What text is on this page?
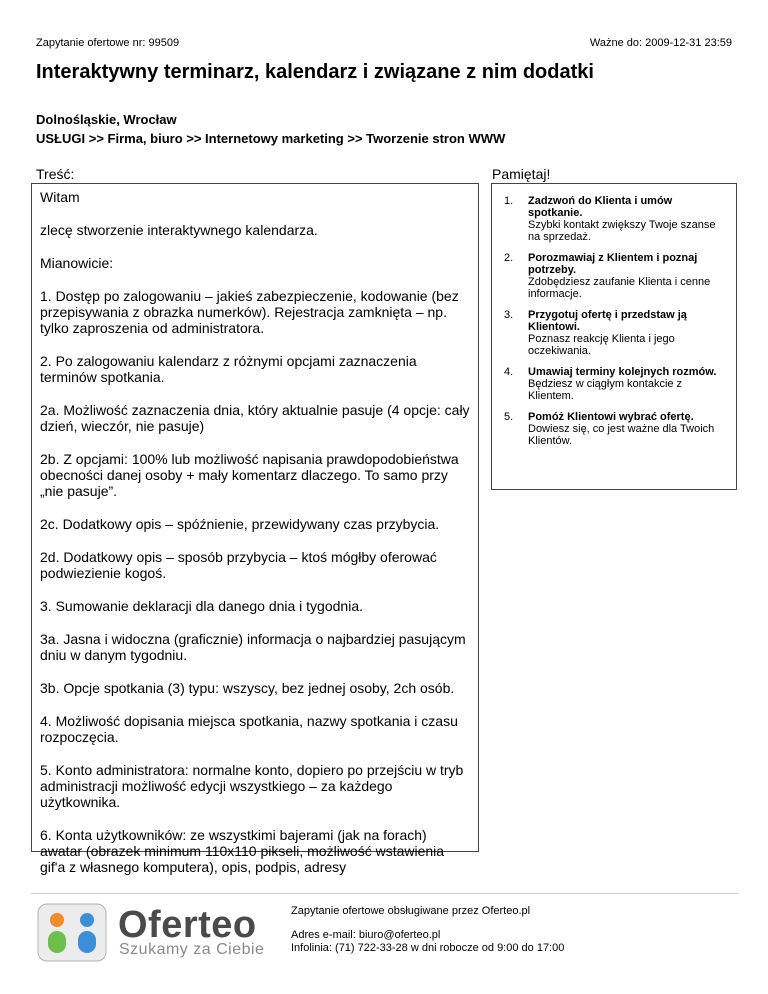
Zapytanie ofertowe nr: 99509	Ważne do: 2009-12-31 23:59
Interaktywny terminarz, kalendarz i związane z nim dodatki
Dolnośląskie, Wrocław
USŁUGI >> Firma, biuro >> Internetowy marketing >> Tworzenie stron WWW
Treść:	Pamiętaj!

Witam

zlecę stworzenie interaktywnego kalendarza.

Mianowicie:

1. Dostęp po zalogowaniu – jakieś zabezpieczenie, kodowanie (bez przepisywania z obrazka numerków). Rejestracja zamknięta – np. tylko zaproszenia od administratora.

2. Po zalogowaniu kalendarz z różnymi opcjami zaznaczenia terminów spotkania.

2a. Możliwość zaznaczenia dnia, który aktualnie pasuje (4 opcje: cały dzień, wieczór, nie pasuje)

2b. Z opcjami: 100% lub możliwość napisania prawdopodobieństwa obecności danej osoby + mały komentarz dlaczego. To samo przy „nie pasuje”.

2c. Dodatkowy opis – spóźnienie, przewidywany czas przybycia.

2d. Dodatkowy opis – sposób przybycia – ktoś mógłby oferować podwiezienie kogoś.

3. Sumowanie deklaracji dla danego dnia i tygodnia.

3a. Jasna i widoczna (graficznie) informacja o najbardziej pasującym dniu w danym tygodniu.

3b. Opcje spotkania (3) typu: wszyscy, bez jednej osoby, 2ch osób.

4. Możliwość dopisania miejsca spotkania, nazwy spotkania i czasu rozpoczęcia.

5. Konto administratora: normalne konto, dopiero po przejściu w tryb administracji możliwość edycji wszystkiego – za każdego użytkownika.

6. Konta użytkowników: ze wszystkimi bajerami (jak na forach) awatar (obrazek minimum 110x110 pikseli, możliwość wstawienia gif'a z własnego komputera), opis, podpis, adresy

1.	Zadzwoń do Klienta i umów spotkanie.
Szybki kontakt zwiększy Twoje szanse na sprzedaż.
2.	Porozmawiaj z Klientem i poznaj potrzeby.
Zdobędziesz zaufanie Klienta i cenne informacje.
3.	Przygotuj ofertę i przedstaw ją Klientowi.
Poznasz reakcję Klienta i jego oczekiwania.
4.	Umawiaj terminy kolejnych rozmów.
Będziesz w ciągłym kontakcie z Klientem.
5.	Pomóż Klientowi wybrać ofertę.
Dowiesz się, co jest ważne dla Twoich Klientów.
Oferteo
Szukamy za Ciebie
Zapytanie ofertowe obsługiwane przez Oferteo.pl
Adres e-mail: biuro@oferteo.pl
Infolinia: (71) 722-33-28 w dni robocze od 9:00 do 17:00
